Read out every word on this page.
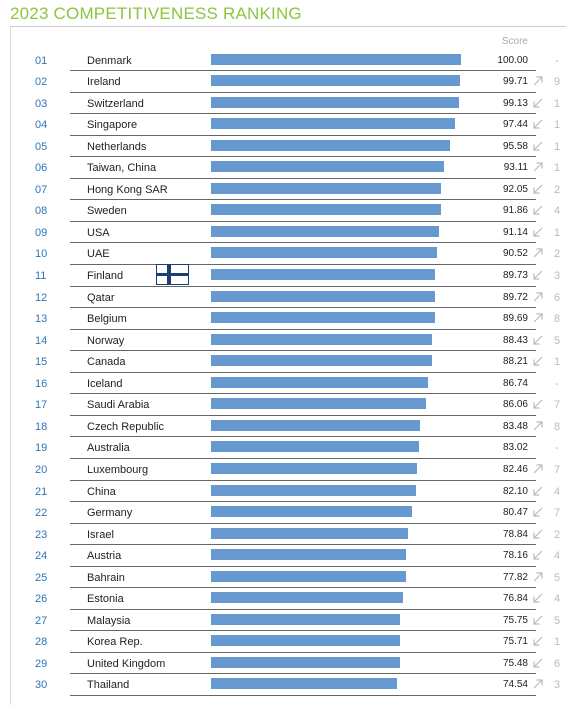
2023 COMPETITIVENESS RANKING
Score
01	Denmark	100.00	-
02	Ireland	99.71	9
03	Switzerland	99.13	1
04	Singapore	97.44	1
05	Netherlands	95.58	1
06	Taiwan, China	93.11	1
07	Hong Kong SAR	92.05	2
08	Sweden	91.86	4
09	USA	91.14	1
10	UAE	90.52	2
11	Finland	89.73	3
12	Qatar	89.72	6
13	Belgium	89.69	8
14	Norway	88.43	5
15	Canada	88.21	1
16	Iceland	86.74	-
17	Saudi Arabia	86.06	7
18	Czech Republic	83.48	8
19	Australia	83.02	-
20	Luxembourg	82.46	7
21	China	82.10	4
22	Germany	80.47	7
23	Israel	78.84	2
24	Austria	78.16	4
25	Bahrain	77.82	5
26	Estonia	76.84	4
27	Malaysia	75.75	5
28	Korea Rep.	75.71	1
29	United Kingdom	75.48	6
30	Thailand	74.54	3
